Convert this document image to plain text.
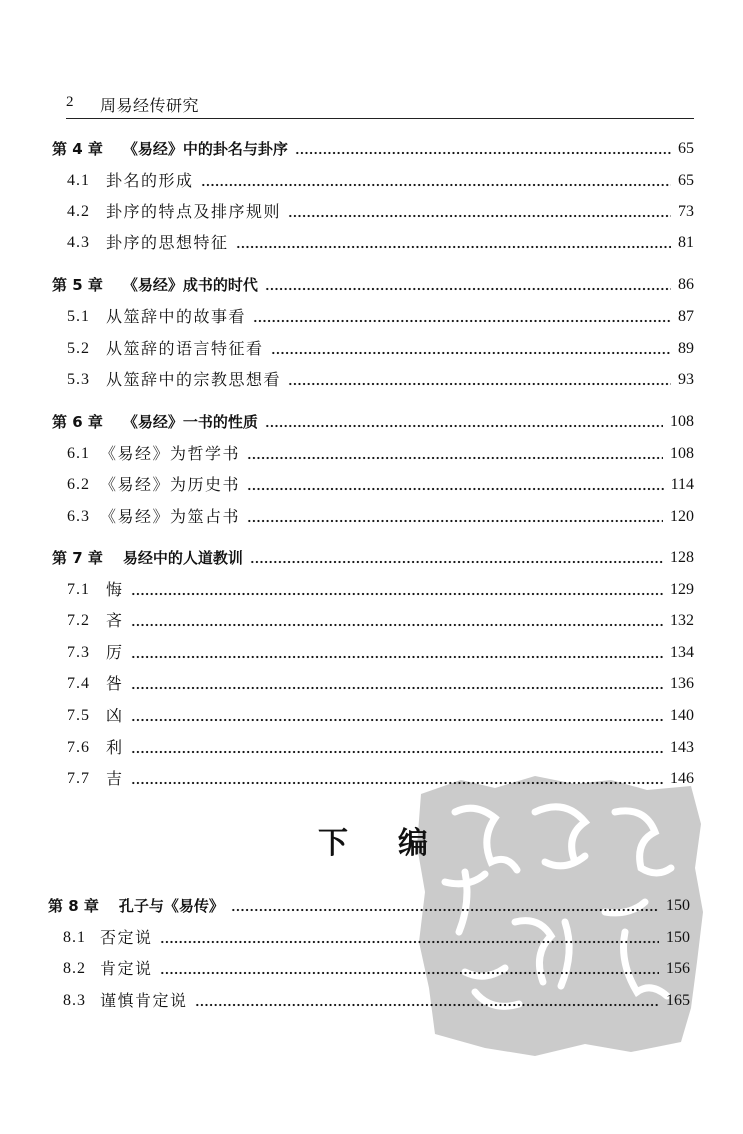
2 周易经传研究
第 4 章 《易经》中的卦名与卦序	65
4.1 卦名的形成	65
4.2 卦序的特点及排序规则	73
4.3 卦序的思想特征	81
第 5 章 《易经》成书的时代	86
5.1 从筮辞中的故事看	87
5.2 从筮辞的语言特征看	89
5.3 从筮辞中的宗教思想看	93
第 6 章 《易经》一书的性质	108
6.1 《易经》为哲学书	108
6.2 《易经》为历史书	114
6.3 《易经》为筮占书	120
第 7 章 易经中的人道教训	128
7.1 悔	129
7.2 吝	132
7.3 厉	134
7.4 咎	136
7.5 凶	140
7.6 利	143
7.7 吉	146
下 编
第 8 章 孔子与《易传》	150
8.1 否定说	150
8.2 肯定说	156
8.3 谨慎肯定说	165
